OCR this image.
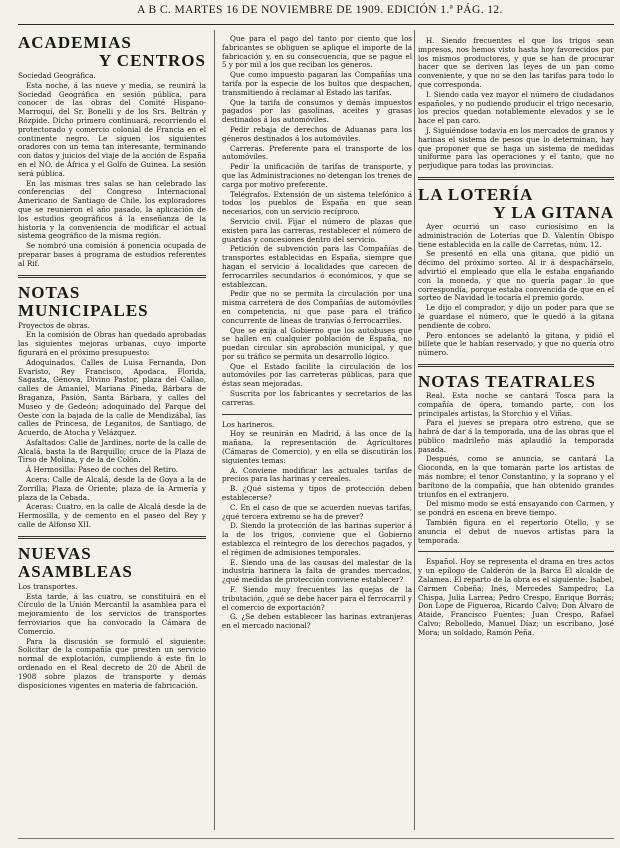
A B C. MARTES 16 DE NOVIEMBRE DE 1909. EDICIÓN 1.ª PÁG. 12.
ACADEMIAS
Y CENTROS

Sociedad Geográfica.

Esta noche, á las nueve y media, se reunirá la Sociedad Geográfica en sesión pública, para conocer de las obras del Comité Hispano-Marroquí, del Sr. Bonelli y de los Srs. Beltrán y Rózpide. Dicho primero continuará, recorriendo el protectorado y comercio colonial de Francia en el continente negro. Le siguen los siguientes oradores con un tema tan interesante, terminando con datos y juicios del viaje de la acción de España en el NO. de África y el Golfo de Guinea. La sesión será pública.

En las mismas tres salas se han celebrado las conferencias del Congreso Internacional Americano de Santiago de Chile, los exploradores que se reunieron el año pasado, la aplicación de los estudios geográficos á la enseñanza de la historia y la conveniencia de modificar el actual sistema geográfico de la misma región.

Se nombró una comisión á ponencia ocupada de preparar bases á programa de estudios referentes al Rif.

NOTAS MUNICIPALES

Proyectos de obras.

En la comisión de Obras han quedado aprobadas las siguientes mejoras urbanas, cuyo importe figurará en el próximo presupuesto:

Adoquinados. Calles de Luisa Fernanda, Don Evaristo, Rey Francisco, Apodaca, Florida, Sagasta, Génova, Divino Pastor, plaza del Callao, calles de Amaniel, Mariana Pineda, Bárbara de Braganza, Pasión, Santa Bárbara, y calles del Museo y de Gedeón; adoquinado del Parque del Oeste con la bajada de la calle de Mendizábal, las calles de Princesa, de Leganitos, de Santiago, de Acuerdo, de Atocha y Velázquez.

Asfaltados: Calle de Jardines, norte de la calle de Alcalá, basta la de Barquillo; cruce de la Plaza de Tirso de Molina, y de la de Colón.

Á Hermosilla: Paseo de coches del Retiro.

Acera: Calle de Alcalá, desde la de Goya a la de Zorrilla; Plaza de Oriente; plaza de la Armería y plaza de la Cebada.

Aceras: Cuatro, en la calle de Alcalá desde la de Hermosilla, y de cemento en el paseo del Rey y calle de Alfonso XII.

NUEVAS ASAMBLEAS

Los transportes.

Esta tarde, á las cuatro, se constituirá en el Círculo de la Unión Mercantil la asamblea para el mejoramiento de los servicios de transportes ferroviarios que ha convocado la Cámara de Comercio.

Para la discusión se formuló el siguiente: Solicitar de la compañía que presten un servicio normal de explotación, cumpliendo á este fin lo ordenado en el Real decreto de 20 de Abril de 1908 sobre plazos de transporte y demás disposiciones vigentes en materia de fabricación.

Que para el pago del tanto por ciento que los fabricantes se obliguen se aplique el importe de la fabricación y, en su consecuencia, que se pague el 5 y por mil a los que reciban los géneros.

Que como impuesto pagaran las Compañías una tarifa por la especie de los bultos que despachen, transmitiendo á reclamar al Estado las tarifas.

Que la tarifa de consumos y demás impuestos pagados por las gasolinas, aceites y grasas destinados á los automóviles.

Pedir rebaja de derechos de Aduanas para los géneros destinados á los automóviles.

Carreras. Preferente para el transporte de los automóviles.

Pedir la unificación de tarifas de transporte, y que las Administraciones no detengan los trenes de carga por motivo preferente.

Telégrafos. Extensión de un sistema telefónico á todos los pueblos de España en que sean necesarios, con un servicio recíproco.

Servicio civil. Fijar el número de plazas que existen para las carreras, restablecer el número de guardas y concesiones dentro del servicio.

Petición de subvención para las Compañías de transportes establecidas en España, siempre que hagan el servicio á localidades que carecen de ferrocarriles secundarios ó económicos, y que se establezcan.

Pedir que no se permita la circulación por una misma carretera de dos Compañías de automóviles en competencia, ni que pase para el tráfico concurrente de líneas de tranvías ó ferrocarriles.

Que se exija al Gobierno que los autobuses que se hallen en cualquier población de España, no puedan circular sin aprobación municipal, y que por su tráfico se permita un desarrollo lógico.

Que el Estado facilite la circulación de los automóviles por las carreteras públicas, para que éstas sean mejoradas.

Suscrita por los fabricantes y secretarios de las carreras.

Los harineros.

Hoy se reunirán en Madrid, á las once de la mañana, la representación de Agricultores (Cámaras de Comercio), y en ella se discutirán los siguientes temas:

A. Conviene modificar las actuales tarifas de precios para las harinas y cereales.

B. ¿Qué sistema y tipos de protección deben establecerse?

C. En el caso de que se acuerden nuevas tarifas, ¿qué tercera extremo se ha de prever?

D. Siendo la protección de las harinas superior á la de los trigos, conviene que el Gobierno establezca el reintegro de los derechos pagados, y el régimen de admisiones temporales.

E. Siendo una de las causas del malestar de la industria harinera la falta de grandes mercados, ¿qué medidas de protección conviene establecer?

F. Siendo muy frecuentes las quejas de la tributación, ¿qué se debe hacer para el ferrocarril y el comercio de exportación?

G. ¿Se deben establecer las harinas extranjeras en el mercado nacional?

H. Siendo frecuentes el que los trigos sean impresos, nos hemos visto hasta hoy favorecidos por los mismos productores, y que se han de procurar hacer que se deriven las leyes de un pan como conveniente, y que no se den las tarifas para todo lo que corresponda.

I. Siendo cada vez mayor el número de ciudadanos españoles, y no pudiendo producir el trigo necesario, los precios quedan notablemente elevados y se le hace el pan caro.

J. Siguiéndose todavía en los mercados de granos y harinas el sistema de pesos que lo determinan, hay que proponer que se haga un sistema de medidas uniforme para las operaciones y el tanto, que no perjudique para todas las provincias.

LA LOTERÍA
Y LA GITANA

Ayer ocurrió un caso curiosísimo en la administración de Loterías que D. Valentín Obispo tiene establecida en la calle de Carretas, núm. 12.

Se presentó en ella una gitana, que pidió un décimo del próximo sorteo. Al ir á despachárselo, advirtió el empleado que ella le estaba engañando con la moneda, y que no quería pagar lo que correspondía, porque estaba convencida de que en el sorteo de Navidad le tocaría el premio gordo.

Le dijo el comprador, y dijo un poder para que se le guardase el número, que le quedó á la gitana pendiente de cobro.

Pero entonces se adelantó la gitana, y pidió el billete que le habían reservado, y que no quería otro número.

NOTAS TEATRALES

Real. Esta noche se cantará Tosca para la compañía de ópera, tomando parte, con los principales artistas, la Storchio y el Viñas.

Para el jueves se prepara otro estreno, que se habrá de dar á la temporada, una de las obras que el público madrileño más aplaudió la temporada pasada.

Después, como se anuncia, se cantará La Gioconda, en la que tomarán parte los artistas de más nombre; el tenor Constantino, y la soprano y el barítono de la compañía, que han obtenido grandes triunfos en el extranjero.

Del mismo modo se está ensayando con Carmen, y se pondrá en escena en breve tiempo.

También figura en el repertorio Otello, y se anuncia el debut de nuevos artistas para la temporada.

Español. Hoy se representa el drama en tres actos y un epílogo de Calderón de la Barca El alcalde de Zalamea. El reparto de la obra es el siguiente: Isabel, Carmen Cobeña; Inés, Mercedes Sampedro; La Chispa, Julia Larrea; Pedro Crespo, Enrique Borrás; Don Lope de Figueroa, Ricardo Calvo; Don Álvaro de Ataide, Francisco Fuentes; Juan Crespo, Rafael Calvo; Rebolledo, Manuel Díaz; un escribano, José Mora; un soldado, Ramón Peña.
